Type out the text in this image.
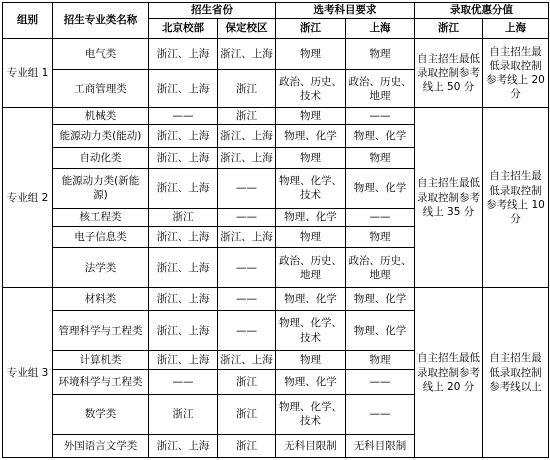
组别	招生专业类名称	招生省份		选考科目要求		录取优惠分值	
		北京校部	保定校区	浙江	上海	浙江	上海
专业组 1	电气类	浙江、上海	浙江、上海	物理	物理	自主招生最低录取控制参考线上 50 分	自主招生最低录取控制参考线上 20 分
	工商管理类	浙江、上海	浙江	政治、历史、技术	政治、历史、地理		
专业组 2	机械类	——	浙江	物理	——	自主招生最低录取控制参考线上 35 分	自主招生最低录取控制参考线上 10 分
	能源动力类(能动)	浙江、上海	浙江、上海	物理、化学	物理、化学		
	自动化类	浙江、上海	浙江、上海	物理	物理		
	能源动力类(新能源)	浙江、上海	——	物理、化学、技术	物理、化学		
	核工程类	浙江	——	物理、化学	——		
	电子信息类	浙江、上海	浙江、上海	物理	物理		
	法学类	浙江、上海	——	政治、历史、地理	政治、历史、地理		
专业组 3	材料类	浙江、上海	——	物理、化学	物理、化学	自主招生最低录取控制参考线上 20 分	自主招生最低录取控制参考线以上
	管理科学与工程类	浙江、上海	——	物理、化学、技术	物理、化学		
	计算机类	浙江、上海	浙江、上海	物理	物理		
	环境科学与工程类	——	浙江	物理、化学	——		
	数学类	浙江	浙江	物理、化学、技术	——		
	外国语言文学类	浙江、上海	浙江	无科目限制	无科目限制		
